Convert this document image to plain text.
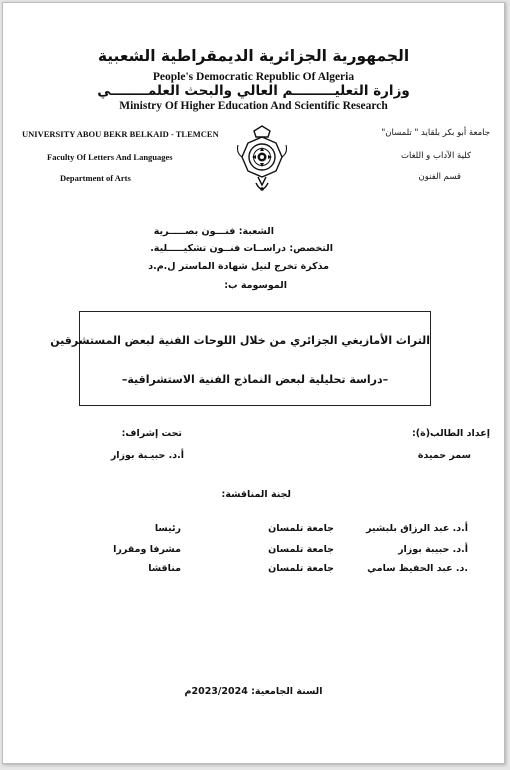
الجمهورية الجزائرية الديمقراطية الشعبية
People's Democratic Republic Of Algeria
وزارة التعليـــــــــم العالي والبحث العلمــــــــي
Ministry Of Higher Education And Scientific Research
UNIVERSITY ABOU BEKR BELKAID - TLEMCEN
Faculty Of Letters And Languages
Department of Arts
جامعة أبو بكر بلقايد " تلمسان"
كلية الآداب و اللغات
قسم الفنون
الشعبة: فنـــون بصـــــرية
التخصص: دراســات فنــون تشكيـــــلية.
مذكرة تخرج لنيل شهادة الماستر ل.م.د
الموسومة ب:
التراث الأمازيغي الجزائري من خلال اللوحات الفنية لبعض المستشرقين
–دراسة تحليلية لبعض النماذج الفنية الاستشراقية–
إعداد الطالب(ة):
سمر حميدة
تحت إشراف:
أ.د. حبيـبة بوزار
لجنة المناقشة:
أ.د. عبد الرزاق بلبشير
جامعة تلمسان
رئيسا
أ.د. حبيبة بوزار
جامعة تلمسان
مشرفا ومقررا
.د. عبد الحفيظ سامي
جامعة تلمسان
مناقشا
السنة الجامعية: 2023/2024م
